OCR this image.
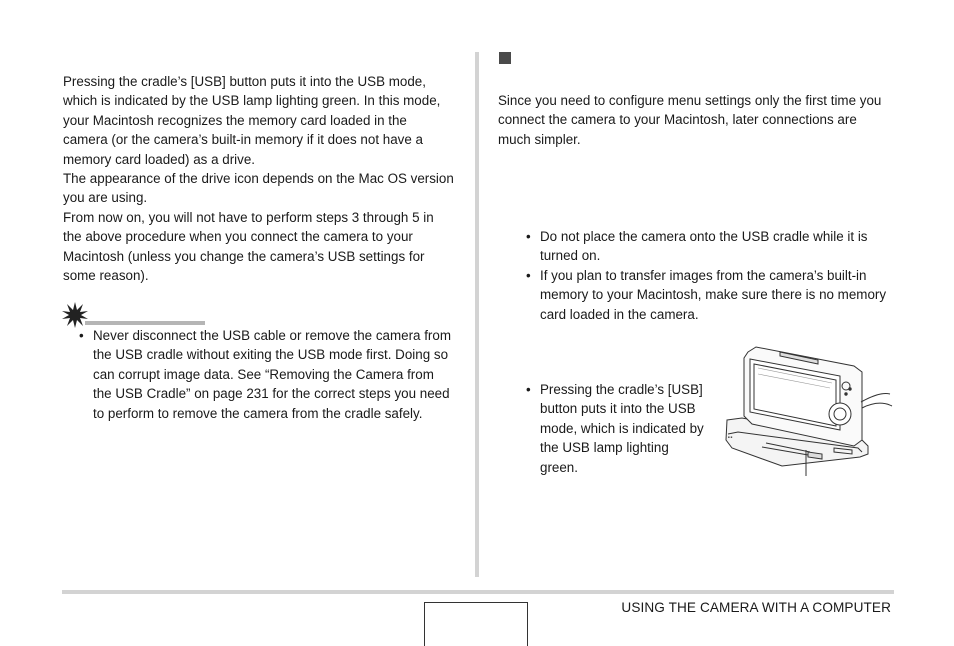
Pressing the cradle’s [USB] button puts it into the USB mode, which is indicated by the USB lamp lighting green. In this mode, your Macintosh recognizes the memory card loaded in the camera (or the camera’s built-in memory if it does not have a memory card loaded) as a drive.

The appearance of the drive icon depends on the Mac OS version you are using.

From now on, you will not have to perform steps 3 through 5 in the above procedure when you connect the camera to your Macintosh (unless you change the camera’s USB settings for some reason).

• Never disconnect the USB cable or remove the camera from the USB cradle without exiting the USB mode first. Doing so can corrupt image data. See “Removing the Camera from the USB Cradle” on page 231 for the correct steps you need to perform to remove the camera from the cradle safely.

Since you need to configure menu settings only the first time you connect the camera to your Macintosh, later connections are much simpler.

• Do not place the camera onto the USB cradle while it is turned on.
• If you plan to transfer images from the camera’s built-in memory to your Macintosh, make sure there is no memory card loaded in the camera.
• Pressing the cradle’s [USB] button puts it into the USB mode, which is indicated by the USB lamp lighting green.
■ ■
USING THE CAMERA WITH A COMPUTER
